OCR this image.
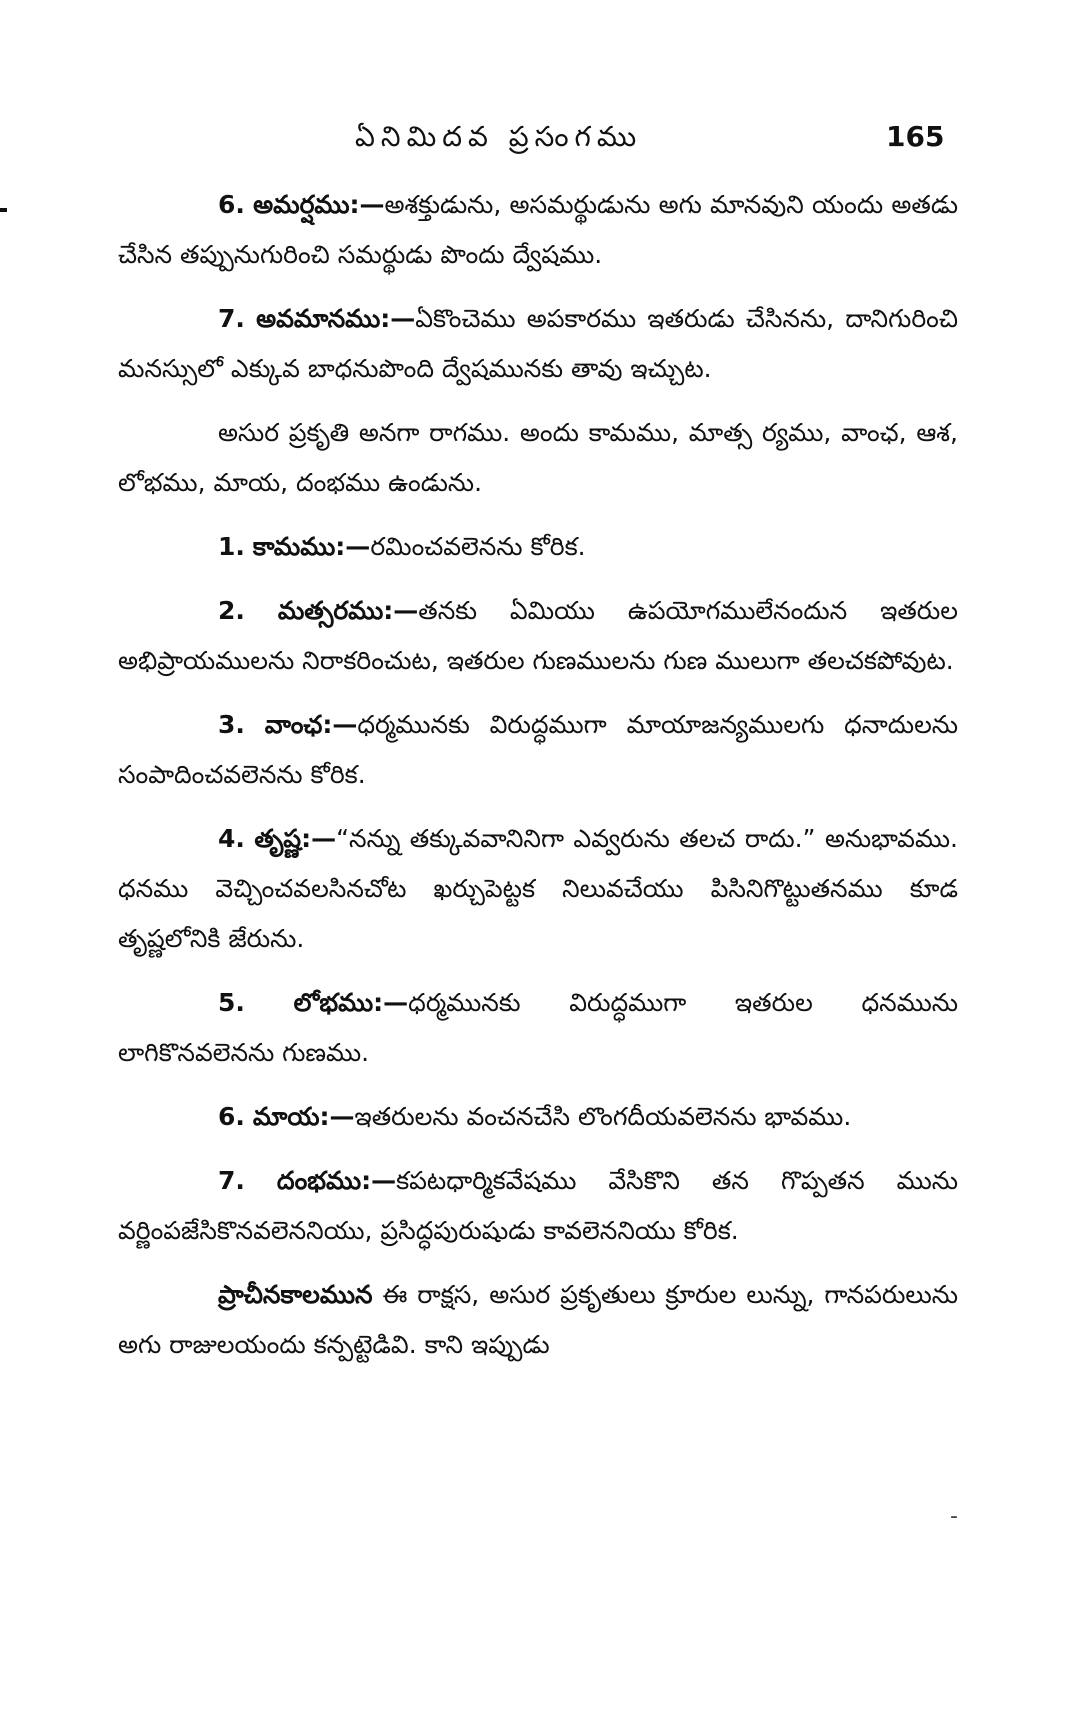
ఏనిమిదవ ప్రసంగము	165

6. అమర్షము:—అశక్తుడును, అసమర్థుడును అగు మానవుని యందు అతడు చేసిన తప్పునుగురించి సమర్థుడు పొందు ద్వేషము.

7. అవమానము:—ఏకొంచెము అపకారము ఇతరుడు చేసినను, దానిగురించి మనస్సులో ఎక్కువ బాధనుపొంది ద్వేషమునకు తావు ఇచ్చుట.

అసుర ప్రకృతి అనగా రాగము. అందు కామము, మాత్స ర్యము, వాంఛ, ఆశ, లోభము, మాయ, దంభము ఉండును.

1. కామము:—రమించవలెనను కోరిక.

2. మత్సరము:—తనకు ఏమియు ఉపయోగములేనందున ఇతరుల అభిప్రాయములను నిరాకరించుట, ఇతరుల గుణములను గుణ ములుగా తలచకపోవుట.

3. వాంఛ:—ధర్మమునకు విరుద్ధముగా మాయాజన్యములగు ధనాదులను సంపాదించవలెనను కోరిక.

4. తృష్ణ:—“నన్ను తక్కువవానినిగా ఎవ్వరును తలచ రాదు.” అనుభావము. ధనము వెచ్చించవలసినచోట ఖర్చుపెట్టక నిలువచేయు పిసినిగొట్టుతనము కూడ తృష్ణలోనికి జేరును.

5. లోభము:—ధర్మమునకు విరుద్ధముగా ఇతరుల ధనమును లాగికొనవలెనను గుణము.

6. మాయ:—ఇతరులను వంచనచేసి లొంగదీయవలెనను భావము.

7. దంభము:—కపటధార్మికవేషము వేసికొని తన గొప్పతన మును వర్ణింపజేసికొనవలెననియు, ప్రసిద్ధపురుషుడు కావలెననియు కోరిక.

ప్రాచీనకాలమున ఈ రాక్షస, అసుర ప్రకృతులు క్రూరుల లున్ను, గానపరులును అగు రాజులయందు కన్పట్టెడివి. కాని ఇప్పుడు

-
